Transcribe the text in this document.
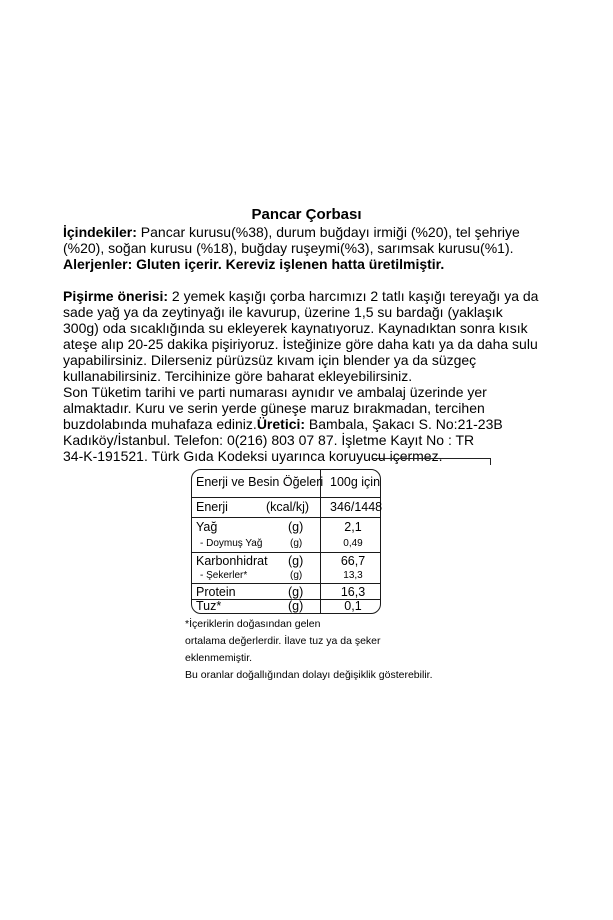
Pancar Çorbası
İçindekiler: Pancar kurusu(%38), durum buğdayı irmiği (%20), tel şehriye
(%20), soğan kurusu (%18), buğday ruşeymi(%3), sarımsak kurusu(%1).
Alerjenler: Gluten içerir. Kereviz işlenen hatta üretilmiştir.
Pişirme önerisi: 2 yemek kaşığı çorba harcımızı 2 tatlı kaşığı tereyağı ya da
sade yağ ya da zeytinyağı ile kavurup, üzerine 1,5 su bardağı (yaklaşık
300g) oda sıcaklığında su ekleyerek kaynatıyoruz. Kaynadıktan sonra kısık
ateşe alıp 20-25 dakika pişiriyoruz. İsteğinize göre daha katı ya da daha sulu
yapabilirsiniz. Dilerseniz pürüzsüz kıvam için blender ya da süzgeç
kullanabilirsiniz. Tercihinize göre baharat ekleyebilirsiniz.
Son Tüketim tarihi ve parti numarası aynıdır ve ambalaj üzerinde yer
almaktadır. Kuru ve serin yerde güneşe maruz bırakmadan, tercihen
buzdolabında muhafaza ediniz.Üretici: Bambala, Şakacı S. No:21-23B
Kadıköy/İstanbul. Telefon: 0(216) 803 07 87. İşletme Kayıt No : TR
34-K-191521. Türk Gıda Kodeksi uyarınca koruyucu içermez.
Enerji ve Besin Öğeleri 100g için
Enerji	(kcal/kj) 346/1448
Yağ	(g)	2,1
- Doymuş Yağ	(g)	0,49
Karbonhidrat (g)	66,7
- Şekerler*	(g)	13,3
Protein	(g)	16,3
Tuz*	(g)	0,1
*İçeriklerin doğasından gelen
ortalama değerlerdir. İlave tuz ya da şeker
eklenmemiştir.
Bu oranlar doğallığından dolayı değişiklik gösterebilir.
